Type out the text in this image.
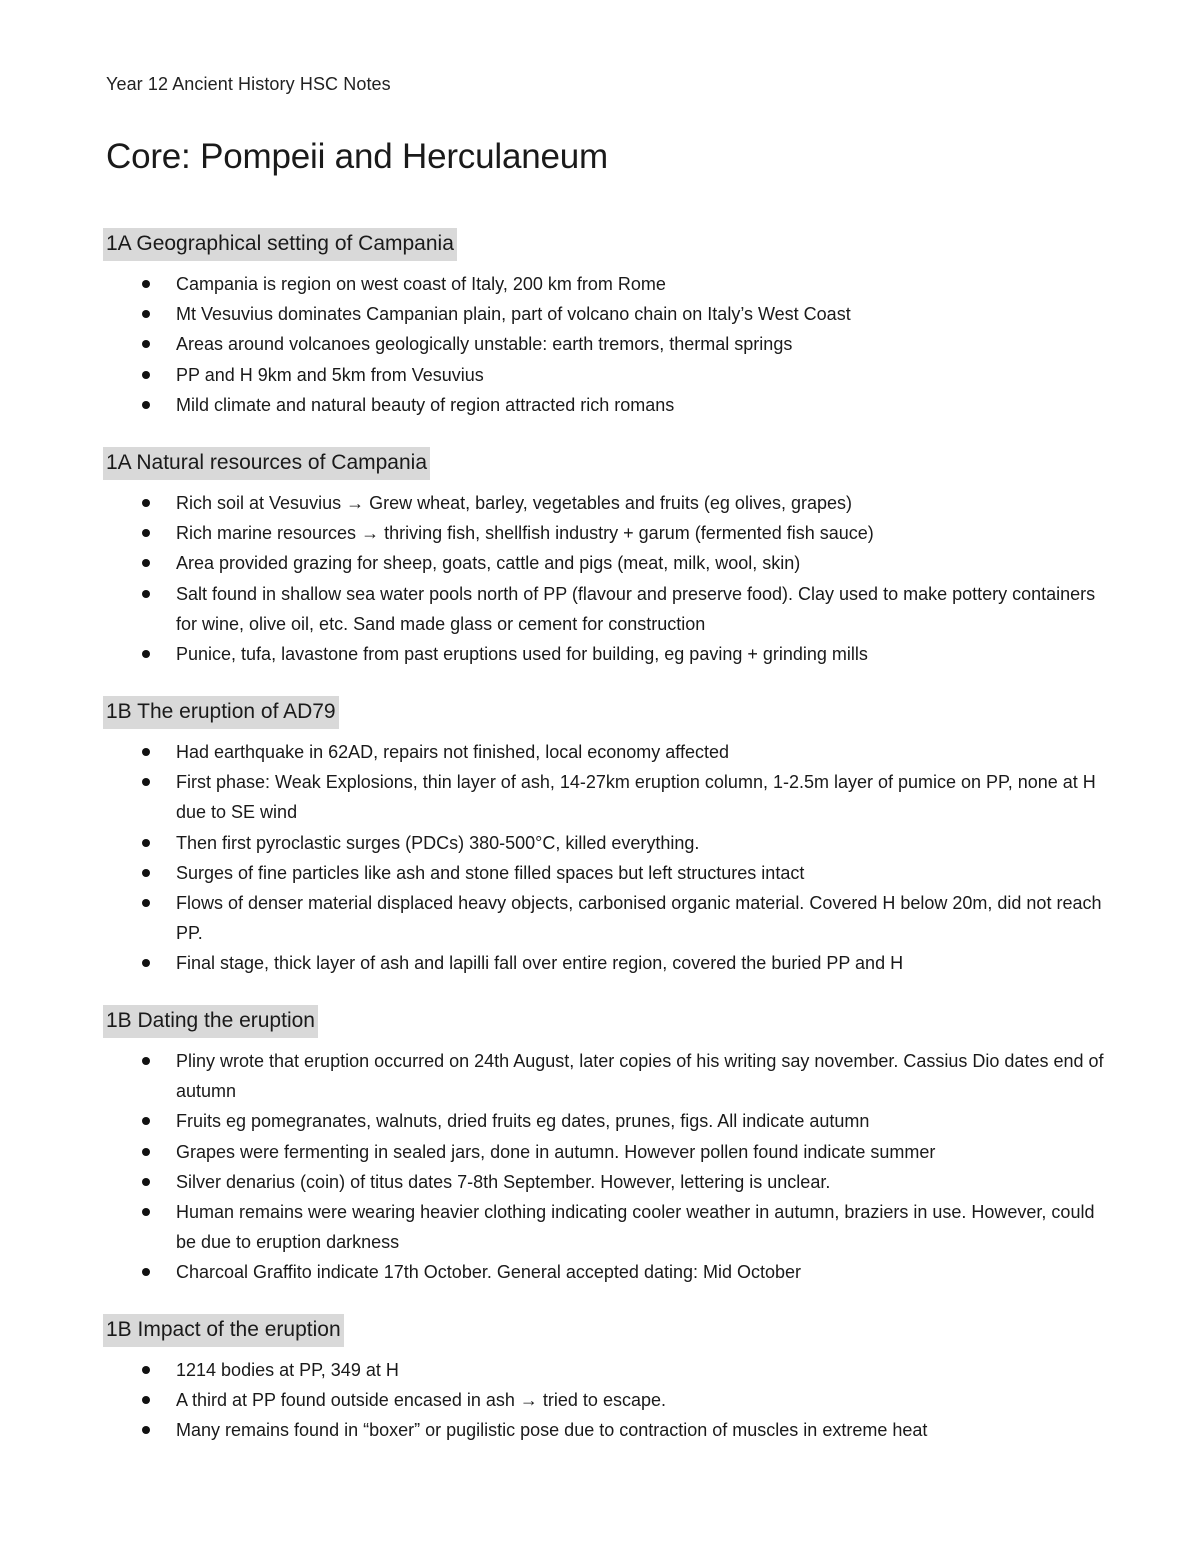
Year 12 Ancient History HSC Notes
Core: Pompeii and Herculaneum
1A Geographical setting of Campania
Campania is region on west coast of Italy, 200 km from Rome
Mt Vesuvius dominates Campanian plain, part of volcano chain on Italy’s West Coast
Areas around volcanoes geologically unstable: earth tremors, thermal springs
PP and H 9km and 5km from Vesuvius
Mild climate and natural beauty of region attracted rich romans
1A Natural resources of Campania
Rich soil at Vesuvius → Grew wheat, barley, vegetables and fruits (eg olives, grapes)
Rich marine resources → thriving fish, shellfish industry + garum (fermented fish sauce)
Area provided grazing for sheep, goats, cattle and pigs (meat, milk, wool, skin)
Salt found in shallow sea water pools north of PP (flavour and preserve food). Clay used to make pottery containers for wine, olive oil, etc. Sand made glass or cement for construction
Punice, tufa, lavastone from past eruptions used for building, eg paving + grinding mills
1B The eruption of AD79
Had earthquake in 62AD, repairs not finished, local economy affected
First phase: Weak Explosions, thin layer of ash, 14-27km eruption column, 1-2.5m layer of pumice on PP, none at H due to SE wind
Then first pyroclastic surges (PDCs) 380-500°C, killed everything.
Surges of fine particles like ash and stone filled spaces but left structures intact
Flows of denser material displaced heavy objects, carbonised organic material. Covered H below 20m, did not reach PP.
Final stage, thick layer of ash and lapilli fall over entire region, covered the buried PP and H
1B Dating the eruption
Pliny wrote that eruption occurred on 24th August, later copies of his writing say november. Cassius Dio dates end of autumn
Fruits eg pomegranates, walnuts, dried fruits eg dates, prunes, figs. All indicate autumn
Grapes were fermenting in sealed jars, done in autumn. However pollen found indicate summer
Silver denarius (coin) of titus dates 7-8th September. However, lettering is unclear.
Human remains were wearing heavier clothing indicating cooler weather in autumn, braziers in use. However, could be due to eruption darkness
Charcoal Graffito indicate 17th October. General accepted dating: Mid October
1B Impact of the eruption
1214 bodies at PP, 349 at H
A third at PP found outside encased in ash → tried to escape.
Many remains found in “boxer” or pugilistic pose due to contraction of muscles in extreme heat
